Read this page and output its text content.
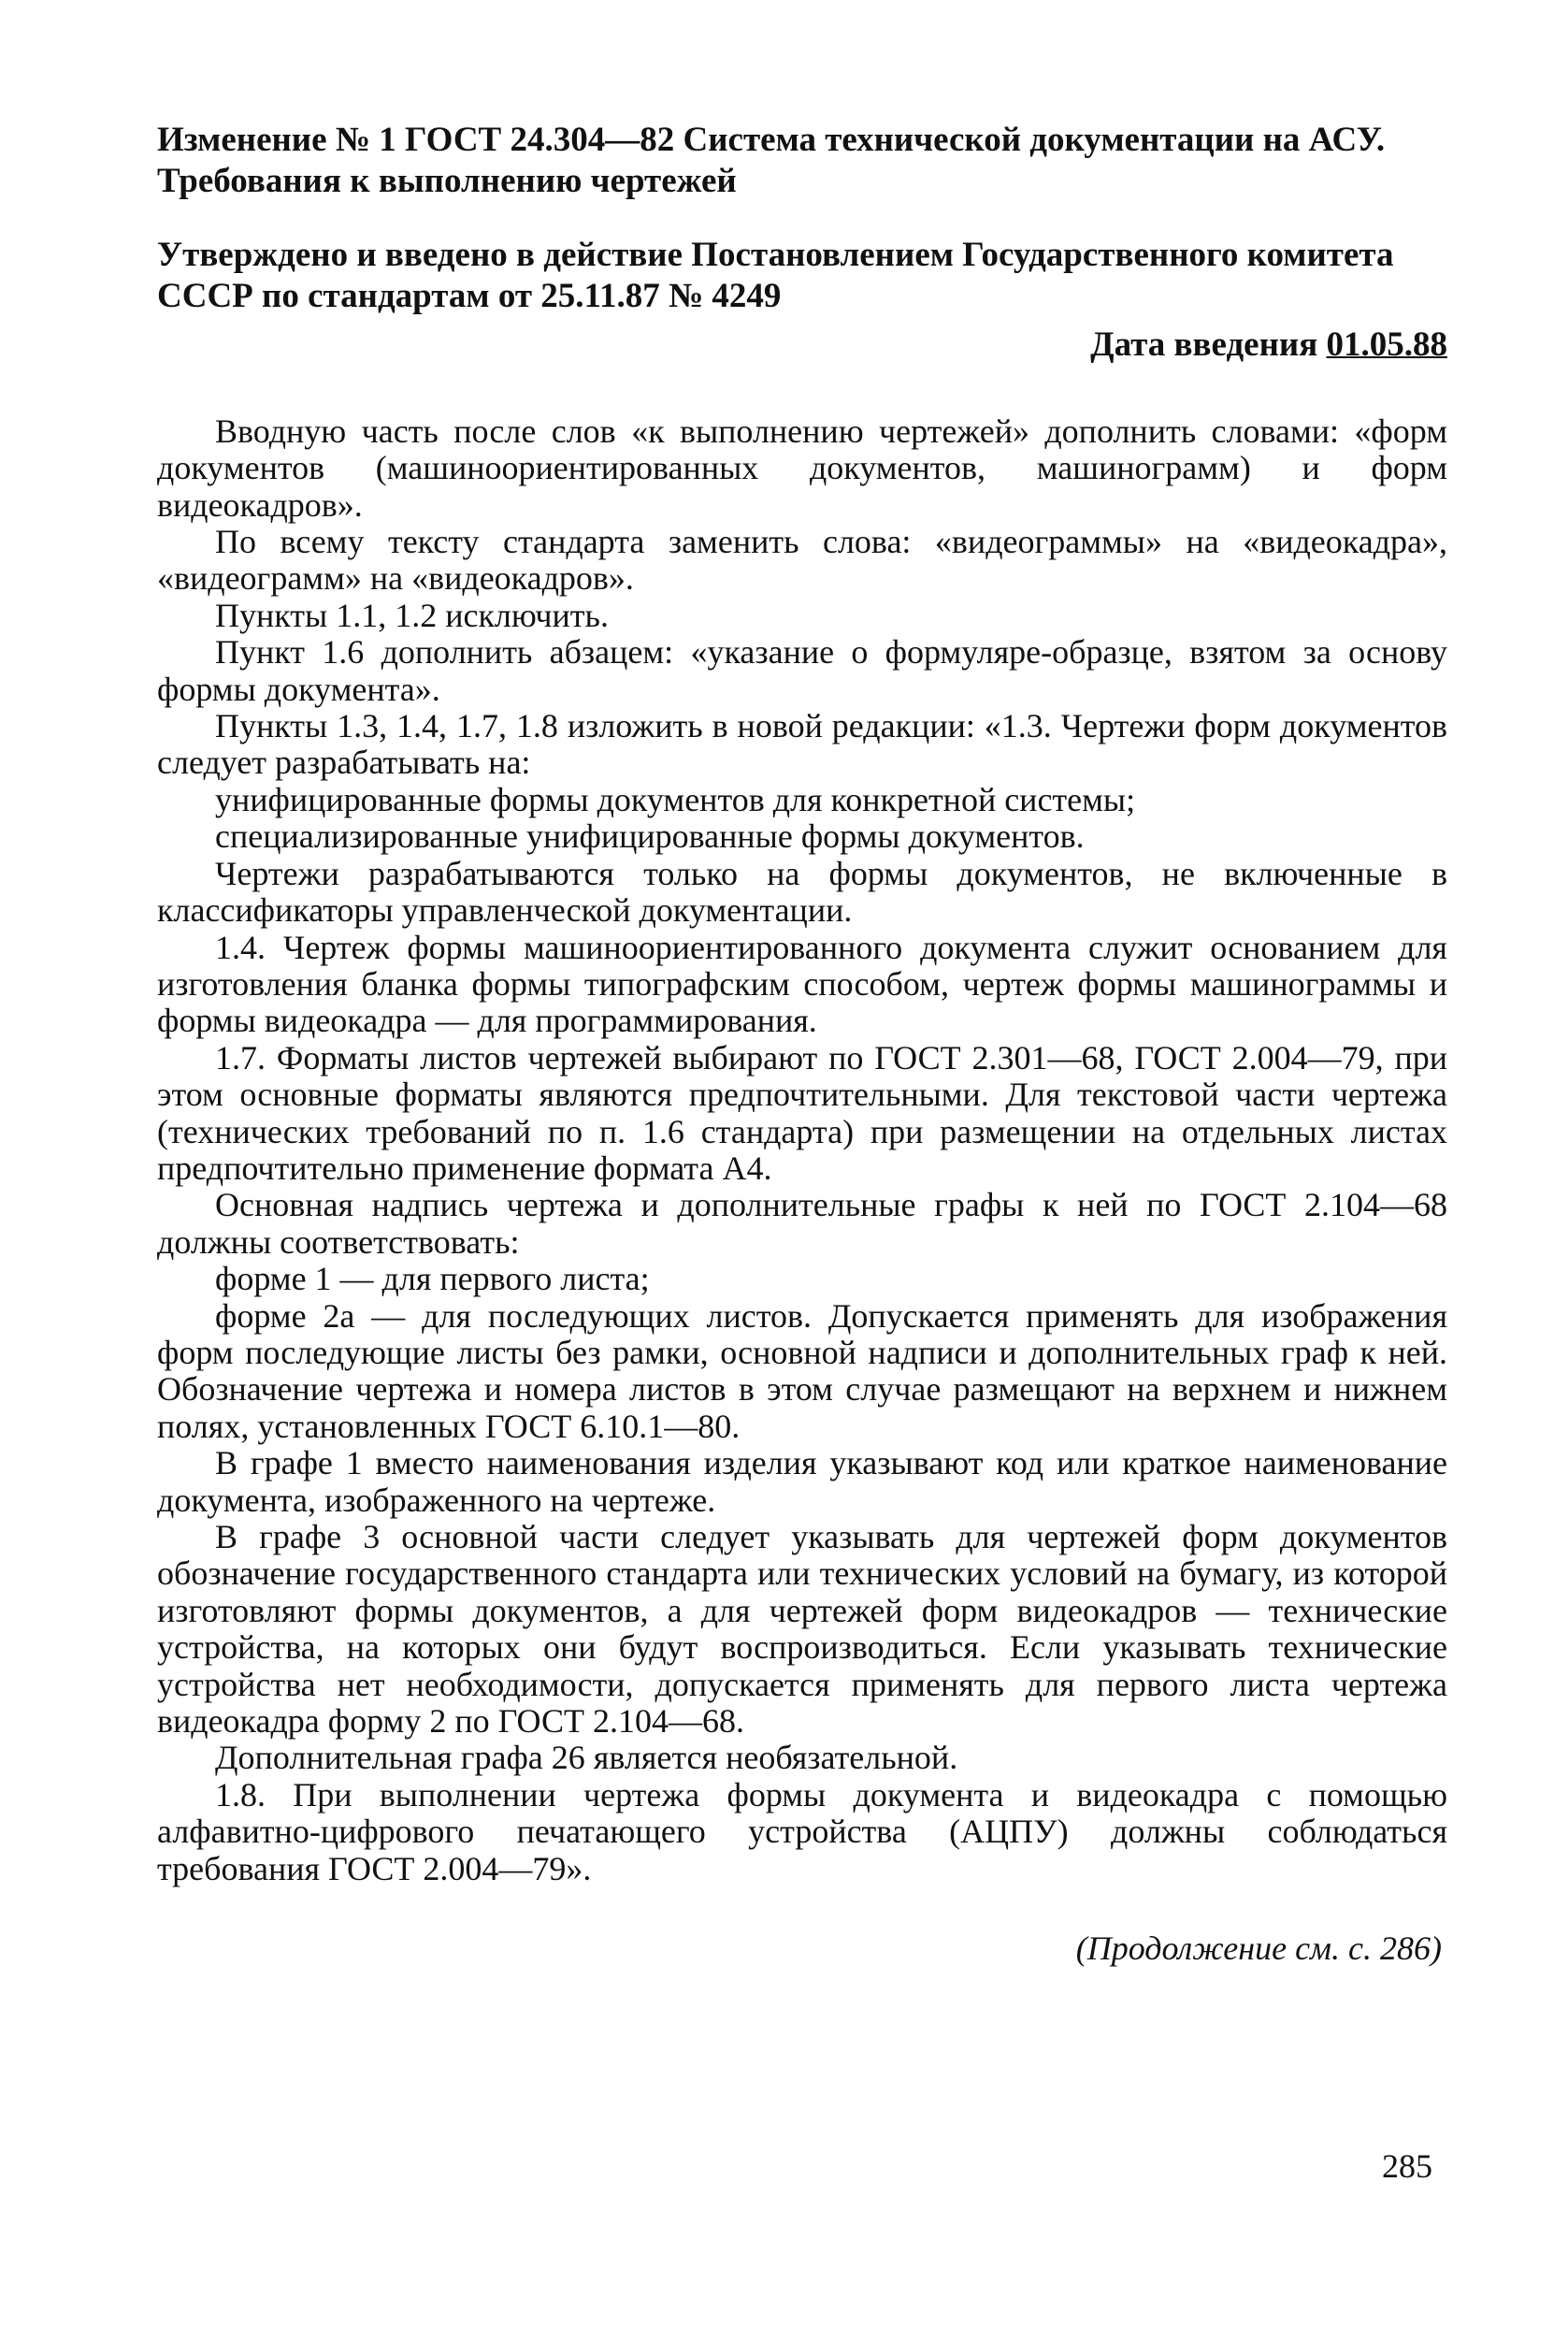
Изменение № 1 ГОСТ 24.304—82 Система технической документации на АСУ. Требования к выполнению чертежей

Утверждено и введено в действие Постановлением Государственного комитета СССР по стандартам от 25.11.87 № 4249

Дата введения 01.05.88

Вводную часть после слов «к выполнению чертежей» дополнить словами: «форм документов (машиноориентированных документов, машинограмм) и форм видеокадров».

По всему тексту стандарта заменить слова: «видеограммы» на «видеокадра», «видеограмм» на «видеокадров».

Пункты 1.1, 1.2 исключить.

Пункт 1.6 дополнить абзацем: «указание о формуляре-образце, взятом за основу формы документа».

Пункты 1.3, 1.4, 1.7, 1.8 изложить в новой редакции: «1.3. Чертежи форм документов следует разрабатывать на:

унифицированные формы документов для конкретной системы;

специализированные унифицированные формы документов.

Чертежи разрабатываются только на формы документов, не включенные в классификаторы управленческой документации.

1.4. Чертеж формы машиноориентированного документа служит основанием для изготовления бланка формы типографским способом, чертеж формы машинограммы и формы видеокадра — для программирования.

1.7. Форматы листов чертежей выбирают по ГОСТ 2.301—68, ГОСТ 2.004—79, при этом основные форматы являются предпочтительными. Для текстовой части чертежа (технических требований по п. 1.6 стандарта) при размещении на отдельных листах предпочтительно применение формата А4.

Основная надпись чертежа и дополнительные графы к ней по ГОСТ 2.104—68 должны соответствовать:

форме 1 — для первого листа;

форме 2а — для последующих листов. Допускается применять для изображения форм последующие листы без рамки, основной надписи и дополнительных граф к ней. Обозначение чертежа и номера листов в этом случае размещают на верхнем и нижнем полях, установленных ГОСТ 6.10.1—80.

В графе 1 вместо наименования изделия указывают код или краткое наименование документа, изображенного на чертеже.

В графе 3 основной части следует указывать для чертежей форм документов обозначение государственного стандарта или технических условий на бумагу, из которой изготовляют формы документов, а для чертежей форм видеокадров — технические устройства, на которых они будут воспроизводиться. Если указывать технические устройства нет необходимости, допускается применять для первого листа чертежа видеокадра форму 2 по ГОСТ 2.104—68.

Дополнительная графа 26 является необязательной.

1.8. При выполнении чертежа формы документа и видеокадра с помощью алфавитно-цифрового печатающего устройства (АЦПУ) должны соблюдаться требования ГОСТ 2.004—79».

(Продолжение см. с. 286)
285
